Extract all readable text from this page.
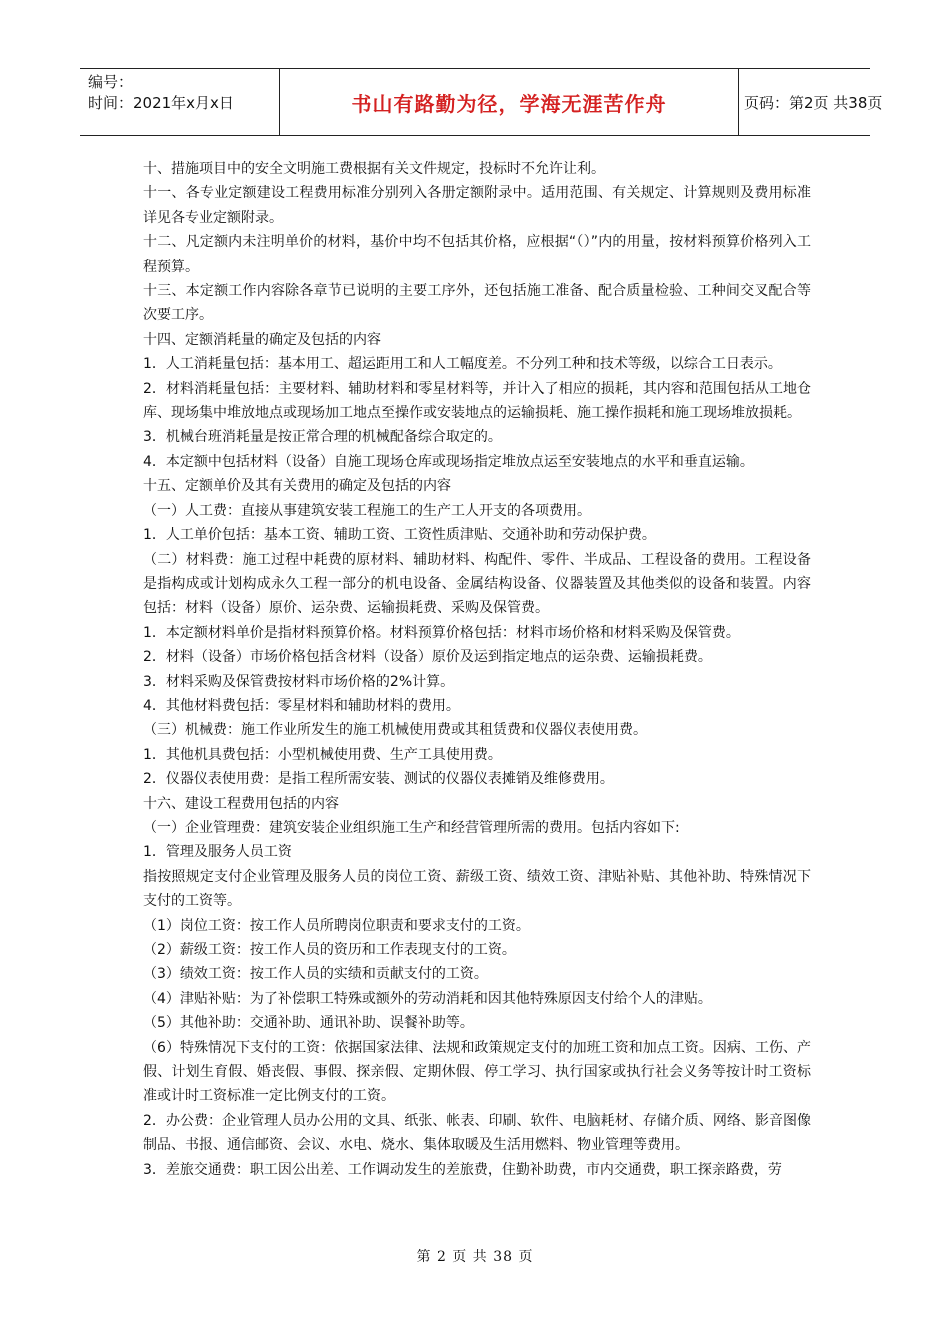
编号：
时间：2021年x月x日	书山有路勤为径，学海无涯苦作舟	页码：第2页 共38页

十、措施项目中的安全文明施工费根据有关文件规定，投标时不允许让利。

十一、各专业定额建设工程费用标准分别列入各册定额附录中。适用范围、有关规定、计算规则及费用标准详见各专业定额附录。

十二、凡定额内未注明单价的材料，基价中均不包括其价格，应根据“（）”内的用量，按材料预算价格列入工程预算。

十三、本定额工作内容除各章节已说明的主要工序外，还包括施工准备、配合质量检验、工种间交叉配合等次要工序。

十四、定额消耗量的确定及包括的内容

1．人工消耗量包括：基本用工、超运距用工和人工幅度差。不分列工种和技术等级，以综合工日表示。

2．材料消耗量包括：主要材料、辅助材料和零星材料等，并计入了相应的损耗，其内容和范围包括从工地仓库、现场集中堆放地点或现场加工地点至操作或安装地点的运输损耗、施工操作损耗和施工现场堆放损耗。

3．机械台班消耗量是按正常合理的机械配备综合取定的。

4．本定额中包括材料（设备）自施工现场仓库或现场指定堆放点运至安装地点的水平和垂直运输。

十五、定额单价及其有关费用的确定及包括的内容

（一）人工费：直接从事建筑安装工程施工的生产工人开支的各项费用。

1．人工单价包括：基本工资、辅助工资、工资性质津贴、交通补助和劳动保护费。

（二）材料费：施工过程中耗费的原材料、辅助材料、构配件、零件、半成品、工程设备的费用。工程设备是指构成或计划构成永久工程一部分的机电设备、金属结构设备、仪器装置及其他类似的设备和装置。内容包括：材料（设备）原价、运杂费、运输损耗费、采购及保管费。

1．本定额材料单价是指材料预算价格。材料预算价格包括：材料市场价格和材料采购及保管费。

2．材料（设备）市场价格包括含材料（设备）原价及运到指定地点的运杂费、运输损耗费。

3．材料采购及保管费按材料市场价格的2%计算。

4．其他材料费包括：零星材料和辅助材料的费用。

（三）机械费：施工作业所发生的施工机械使用费或其租赁费和仪器仪表使用费。

1．其他机具费包括：小型机械使用费、生产工具使用费。

2．仪器仪表使用费：是指工程所需安装、测试的仪器仪表摊销及维修费用。

十六、建设工程费用包括的内容

（一）企业管理费：建筑安装企业组织施工生产和经营管理所需的费用。包括内容如下:

1．管理及服务人员工资

指按照规定支付企业管理及服务人员的岗位工资、薪级工资、绩效工资、津贴补贴、其他补助、特殊情况下支付的工资等。

（1）岗位工资：按工作人员所聘岗位职责和要求支付的工资。

（2）薪级工资：按工作人员的资历和工作表现支付的工资。

（3）绩效工资：按工作人员的实绩和贡献支付的工资。

（4）津贴补贴：为了补偿职工特殊或额外的劳动消耗和因其他特殊原因支付给个人的津贴。

（5）其他补助：交通补助、通讯补助、误餐补助等。

（6）特殊情况下支付的工资：依据国家法律、法规和政策规定支付的加班工资和加点工资。因病、工伤、产假、计划生育假、婚丧假、事假、探亲假、定期休假、停工学习、执行国家或执行社会义务等按计时工资标准或计时工资标准一定比例支付的工资。

2．办公费：企业管理人员办公用的文具、纸张、帐表、印刷、软件、电脑耗材、存储介质、网络、影音图像制品、书报、通信邮资、会议、水电、烧水、集体取暖及生活用燃料、物业管理等费用。

3．差旅交通费：职工因公出差、工作调动发生的差旅费，住勤补助费，市内交通费，职工探亲路费，劳

第 2 页 共 38 页
